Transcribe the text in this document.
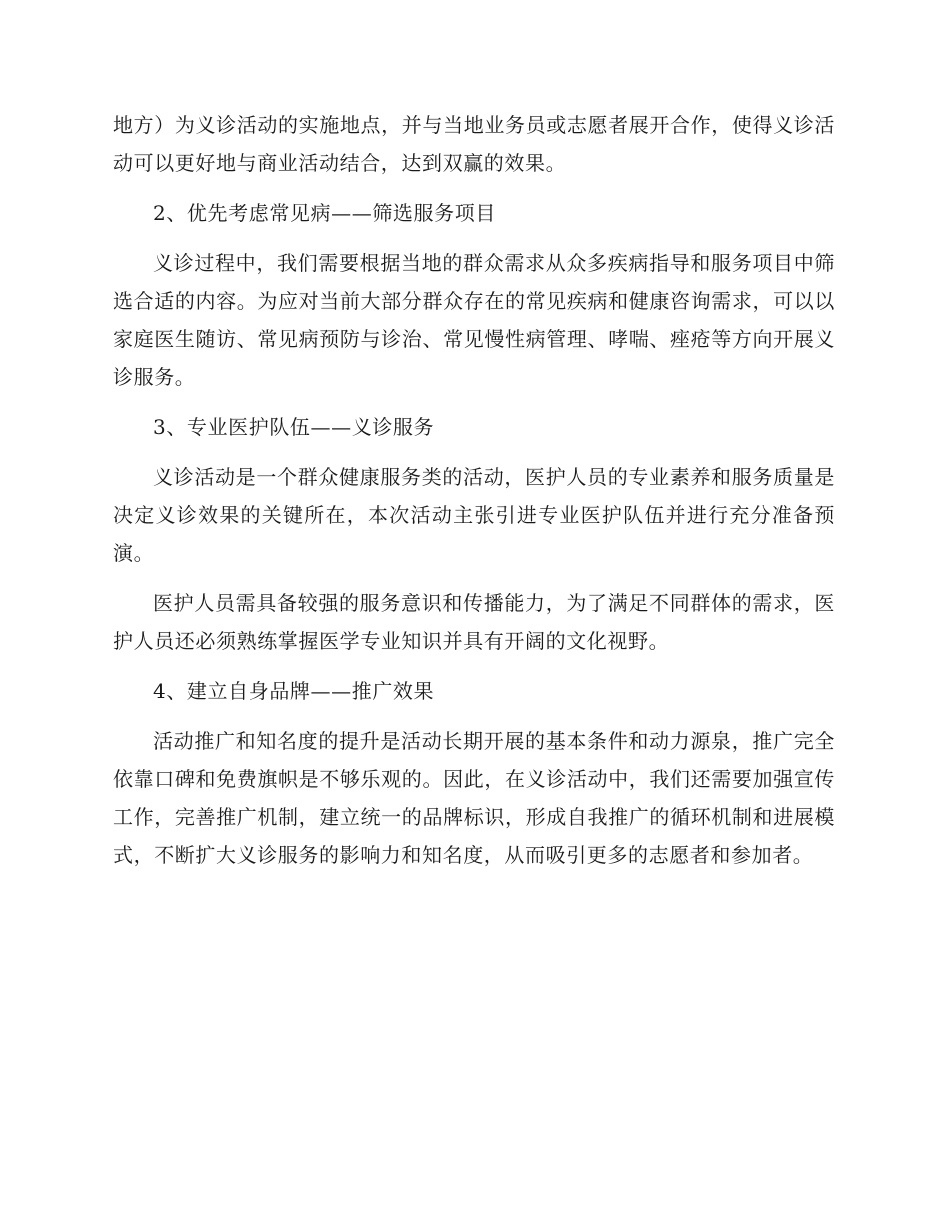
地方）为义诊活动的实施地点，并与当地业务员或志愿者展开合作，使得义诊活动可以更好地与商业活动结合，达到双赢的效果。

2、优先考虑常见病——筛选服务项目

义诊过程中，我们需要根据当地的群众需求从众多疾病指导和服务项目中筛选合适的内容。为应对当前大部分群众存在的常见疾病和健康咨询需求，可以以家庭医生随访、常见病预防与诊治、常见慢性病管理、哮喘、痤疮等方向开展义诊服务。

3、专业医护队伍——义诊服务

义诊活动是一个群众健康服务类的活动，医护人员的专业素养和服务质量是决定义诊效果的关键所在，本次活动主张引进专业医护队伍并进行充分准备预演。

医护人员需具备较强的服务意识和传播能力，为了满足不同群体的需求，医护人员还必须熟练掌握医学专业知识并具有开阔的文化视野。

4、建立自身品牌——推广效果

活动推广和知名度的提升是活动长期开展的基本条件和动力源泉，推广完全依靠口碑和免费旗帜是不够乐观的。因此，在义诊活动中，我们还需要加强宣传工作，完善推广机制，建立统一的品牌标识，形成自我推广的循环机制和进展模式，不断扩大义诊服务的影响力和知名度，从而吸引更多的志愿者和参加者。
